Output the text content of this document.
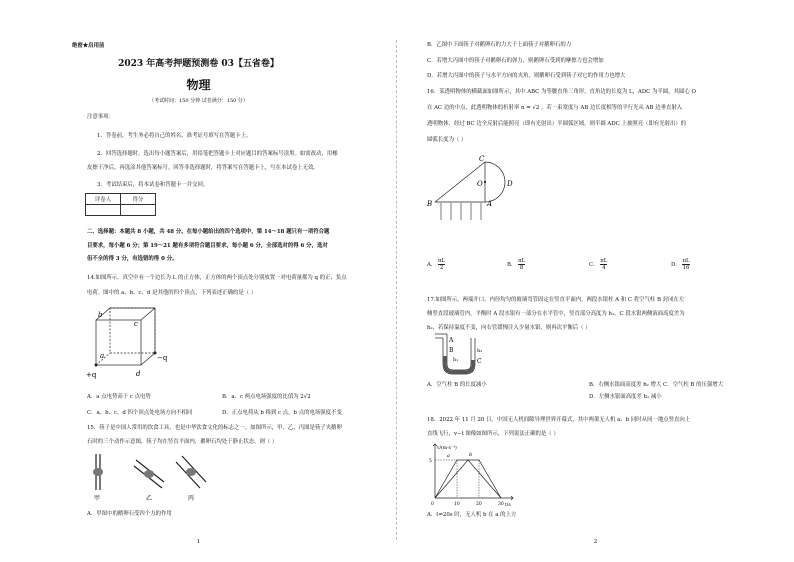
绝密★启用前
2023 年高考押题预测卷 03【五省卷】
物理
（考试时间：150 分钟 试卷满分：150 分）
注意事项：
1．答卷前，考生务必将自己的姓名、准考证号填写在答题卡上。
2．回答选择题时，选出每小题答案后，用铅笔把答题卡上对应题目的答案标号涂黑。如需改动，用橡
皮擦干净后，再选涂其他答案标号。回答非选择题时，将答案写在答题卡上，写在本试卷上无效。
3．考试结束后，将本试卷和答题卡一并交回。
评卷人	得分

二、选择题：本题共 8 小题，共 48 分。在每小题给出的四个选项中，第 14～18 题只有一项符合题
目要求，每小题 6 分；第 19～21 题有多项符合题目要求，每小题 6 分，全部选对的得 6 分，选对
但不全的得 3 分，有选错的得 0 分。
14.如图所示，真空中有一个边长为 L 的正方体，正方体的两个顶点处分别放置一对电荷量都为 q 的正、负点
电荷。图中的 a、b、c、d 是其他的四个顶点，下列表述正确的是（ ）
b
c
a
d
+q
−q
A．a 点电势高于 c 点电势	B．a、c 两点电场强度的比值为 2√2
C．a、b、c、d 四个顶点处电场方向不相同	D．正点电荷从 b 移到 c 点，b 点的电场强度不变
15．筷子是中国人常用的饮食工具，也是中华饮食文化的标志之一。如图所示，甲、乙、丙图是筷子夹鹅卵
石时的三个动作示意图，筷子均在竖直平面内，鹅卵石均处于静止状态，则（ ）
甲	乙	丙
A．甲图中的鹅卵石受四个力的作用
1
B．乙图中下面筷子对鹅卵石的力大于上面筷子对鹅卵石的力
C．若增大丙图中的筷子对鹅卵石的弹力，则鹅卵石受到的摩擦力也会增加
D．若增大丙图中的筷子与水平方向的夹角，则鹅卵石受到筷子对它的作用力也增大
16．某透明物体的横截面如图所示，其中 ABC 为等腰直角三角形，直角边的长度为 L，ADC 为半圆，其圆心 O
在 AC 边的中点，此透明物体的折射率 n = √2 。若一束宽度与 AB 边长度相等的平行光从 AB 边垂直射入
透明物体，经过 BC 边全反射后能照亮（即有光射出）半圆弧区域，则半圆 ADC 上被照亮（即有光射出）的
圆弧长度为（ ）
C
O	D
B	A
A． $\frac{\pi L}{2}$	B． $\frac{\pi L}{8}$	C． $\frac{\pi L}{4}$	D． $\frac{\pi L}{16}$
17.如图所示，两端开口、内径均匀的玻璃弯管固定在竖直平面内，两段水银柱 A 和 C 将空气柱 B 封闭在左
侧竖直段玻璃管内，平衡时 A 段水银有一部分在水平管中，竖直部分高度为 h₁，C 段水银两侧液面高度差为
h₂，若保持温度不变，向右管缓慢注入少量水银，则再次平衡后（ ）
A
B
C
h₁
h₂
A．空气柱 B 的长度减小	B．右侧水银面高度差 h₂ 增大 C．空气柱 B 的压强增大
D．左侧水银面高度差 h₁ 减小
18．2022 年 11 月 20 日，中国无人机间隙导理世界开幕式，其中两架无人机 a、b 同时从同一地点竖直向上
直线飞行，v−t 图像如图所示，下列说法正确的是（ ）
v/(m·s⁻¹)
t/s
5
0	10	20	30
a	b
A．t=20s 时，无人机 b 在 a 的上方
2
